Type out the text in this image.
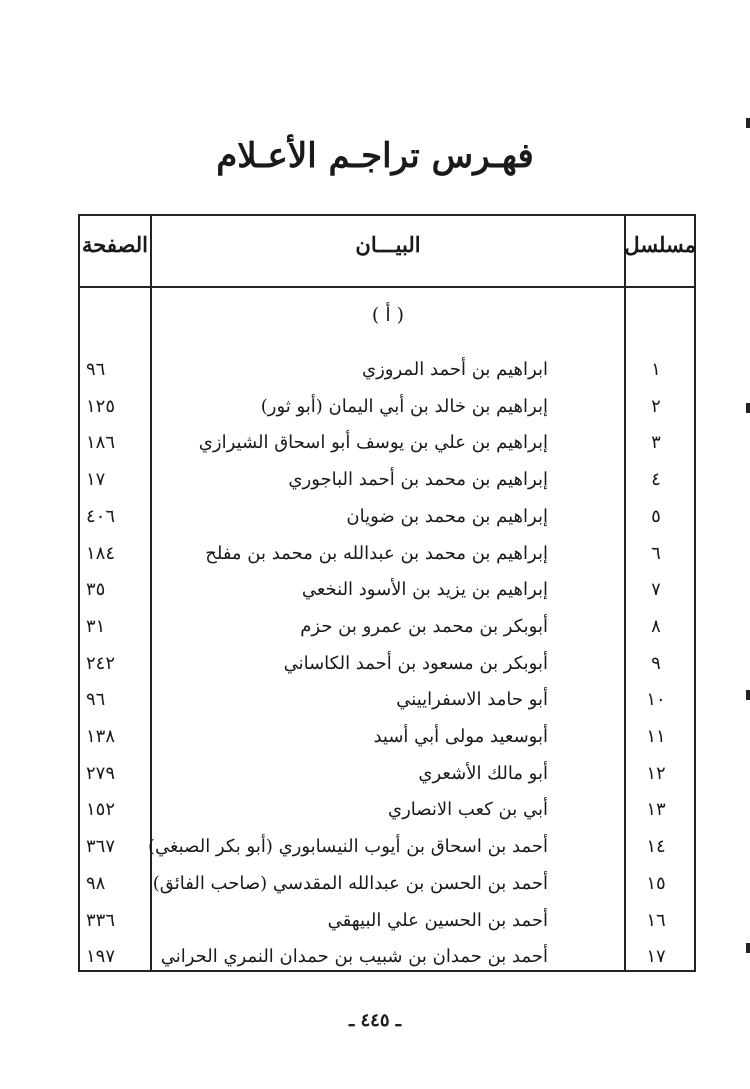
فهـرس تراجـم الأعـلام
مسلسل
البيـــان
الصفحة
( أ )
١
ابراهيم بن أحمد المروزي
٩٦
٢
إبراهيم بن خالد بن أبي اليمان (أبو ثور)
١٢٥
٣
إبراهيم بن علي بن يوسف أبو اسحاق الشيرازي
١٨٦
٤
إبراهيم بن محمد بن أحمد الباجوري
١٧
٥
إبراهيم بن محمد بن ضويان
٤٠٦
٦
إبراهيم بن محمد بن عبدالله بن محمد بن مفلح
١٨٤
٧
إبراهيم بن يزيد بن الأسود النخعي
٣٥
٨
أبوبكر بن محمد بن عمرو بن حزم
٣١
٩
أبوبكر بن مسعود بن أحمد الكاساني
٢٤٢
١٠
أبو حامد الاسفراييني
٩٦
١١
أبوسعيد مولى أبي أسيد
١٣٨
١٢
أبو مالك الأشعري
٢٧٩
١٣
أبي بن كعب الانصاري
١٥٢
١٤
أحمد بن اسحاق بن أيوب النيسابوري (أبو بكر الصبغي)
٣٦٧
١٥
أحمد بن الحسن بن عبدالله المقدسي (صاحب الفائق)
٩٨
١٦
أحمد بن الحسين علي البيهقي
٣٣٦
١٧
أحمد بن حمدان بن شبيب بن حمدان النمري الحراني
١٩٧
ـ ٤٤٥ ـ
